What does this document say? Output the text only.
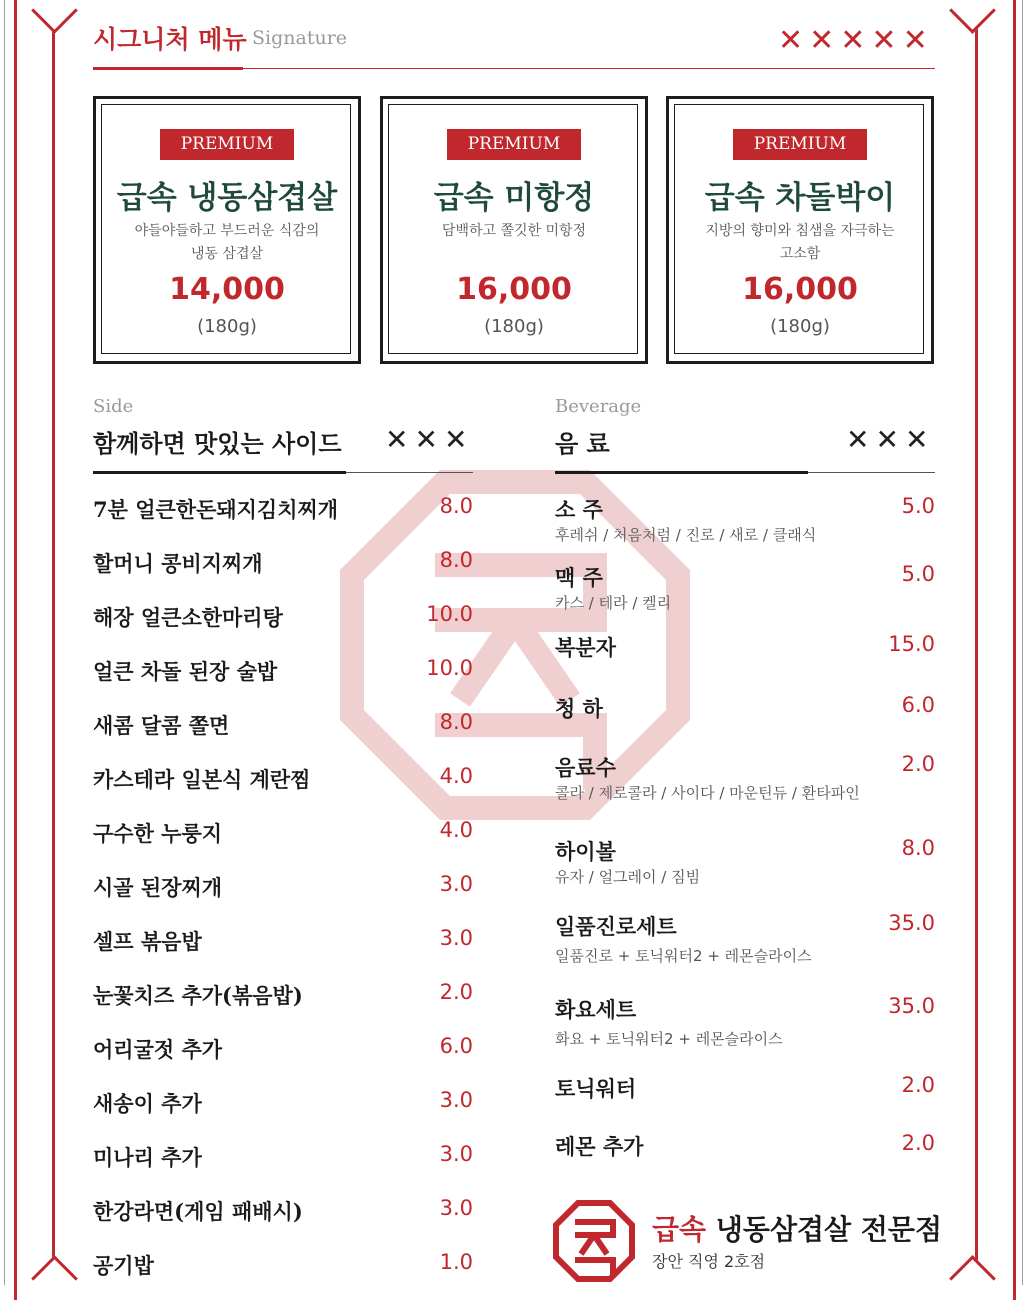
시그니처 메뉴 Signature	✕✕✕✕✕
PREMIUM
급속 냉동삼겹살
야들야들하고 부드러운 식감의
냉동 삼겹살
14,000
(180g)
PREMIUM
급속 미항정
담백하고 쫄깃한 미항정
16,000
(180g)
PREMIUM
급속 차돌박이
지방의 향미와 침샘을 자극하는
고소함
16,000
(180g)
Side
함께하면 맛있는 사이드 ✕✕✕
7분 얼큰한돈돼지김치찌개	8.0
할머니 콩비지찌개	8.0
해장 얼큰소한마리탕	10.0
얼큰 차돌 된장 술밥	10.0
새콤 달콤 쫄면	8.0
카스테라 일본식 계란찜	4.0
구수한 누룽지	4.0
시골 된장찌개	3.0
셀프 볶음밥	3.0
눈꽃치즈 추가(볶음밥)	2.0
어리굴젓 추가	6.0
새송이 추가	3.0
미나리 추가	3.0
한강라면(게임 패배시)	3.0
공기밥	1.0
Beverage
음 료	✕✕✕
소 주	5.0
후레쉬 / 처음처럼 / 진로 / 새로 / 클래식
맥 주	5.0
카스 / 테라 / 켈리
복분자	15.0
청 하	6.0
음료수	2.0
콜라 / 제로콜라 / 사이다 / 마운틴듀 / 환타파인
하이볼	8.0
유자 / 얼그레이 / 짐빔
일품진로세트	35.0
일품진로 + 토닉워터2 + 레몬슬라이스
화요세트	35.0
화요 + 토닉워터2 + 레몬슬라이스
토닉워터	2.0
레몬 추가	2.0
급속 냉동삼겹살 전문점
장안 직영 2호점
